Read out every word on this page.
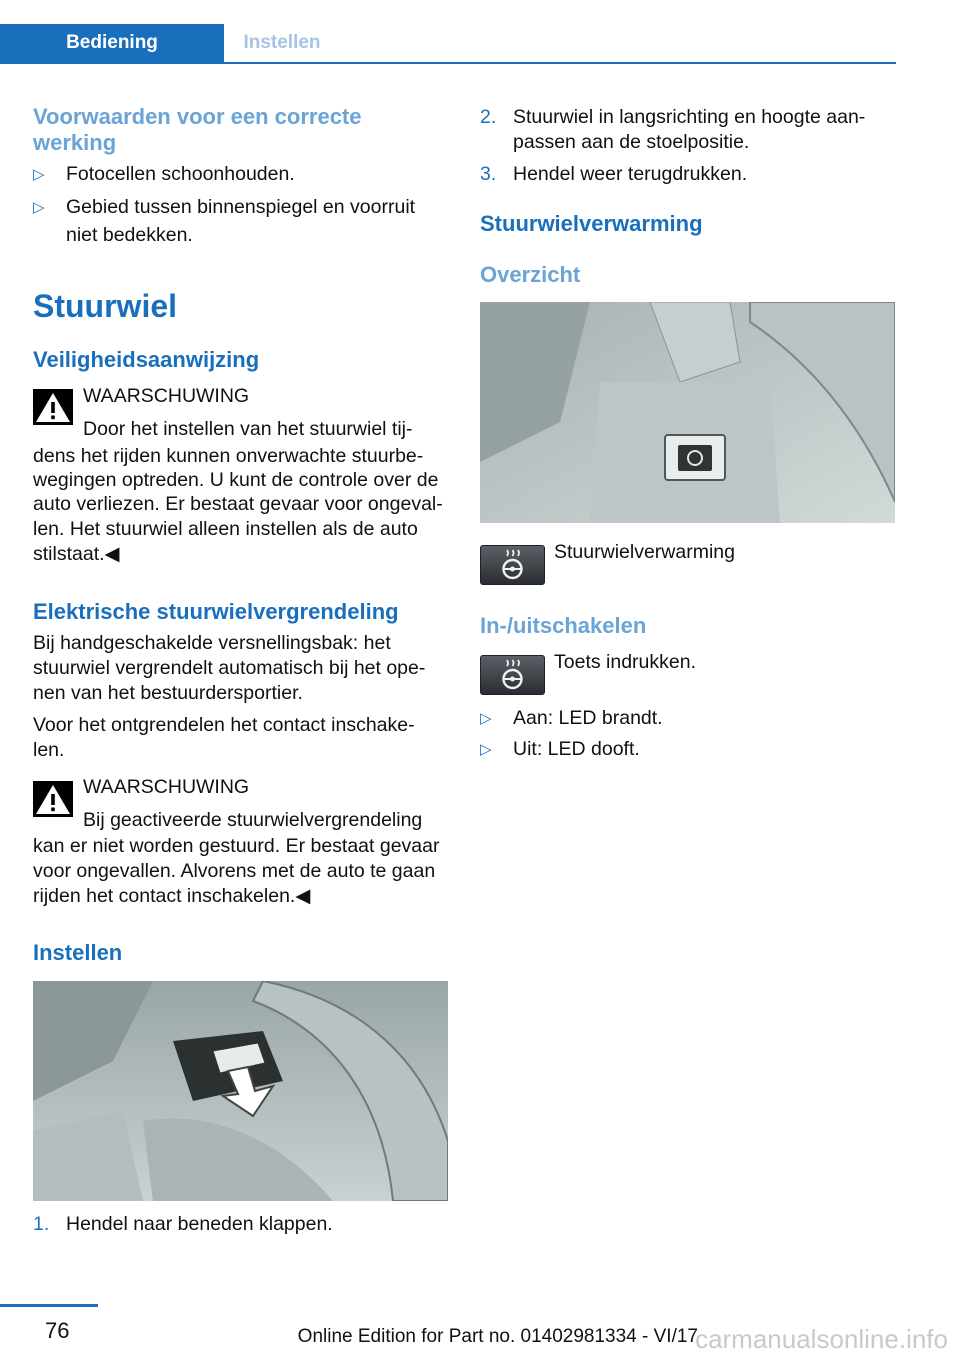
Bediening	Instellen
Voorwaarden voor een correcte werking
▷ Fotocellen schoonhouden.
▷ Gebied tussen binnenspiegel en voorruit niet bedekken.
Stuurwiel
Veiligheidsaanwijzing

WAARSCHUWING

Door het instellen van het stuurwiel tij-

dens het rijden kunnen onverwachte stuurbe-

wegingen optreden. U kunt de controle over de

auto verliezen. Er bestaat gevaar voor ongeval-

len. Het stuurwiel alleen instellen als de auto

stilstaat.◀

Elektrische stuurwielvergrendeling

Bij handgeschakelde versnellingsbak: het

stuurwiel vergrendelt automatisch bij het ope-

nen van het bestuurdersportier.

Voor het ontgrendelen het contact inschake-

len.

WAARSCHUWING

Bij geactiveerde stuurwielvergrendeling

kan er niet worden gestuurd. Er bestaat gevaar

voor ongevallen. Alvorens met de auto te gaan

rijden het contact inschakelen.◀

Instellen
1. Hendel naar beneden klappen.
2. Stuurwiel in langsrichting en hoogte aan-
passen aan de stoelpositie.
3. Hendel weer terugdrukken.
Stuurwielverwarming
Overzicht

Stuurwielverwarming

In-/uitschakelen

Toets indrukken.

▷ Aan: LED brandt.
▷ Uit: LED dooft.
76	Online Edition for Part no. 01402981334 - VI/17
carmanualsonline.info
